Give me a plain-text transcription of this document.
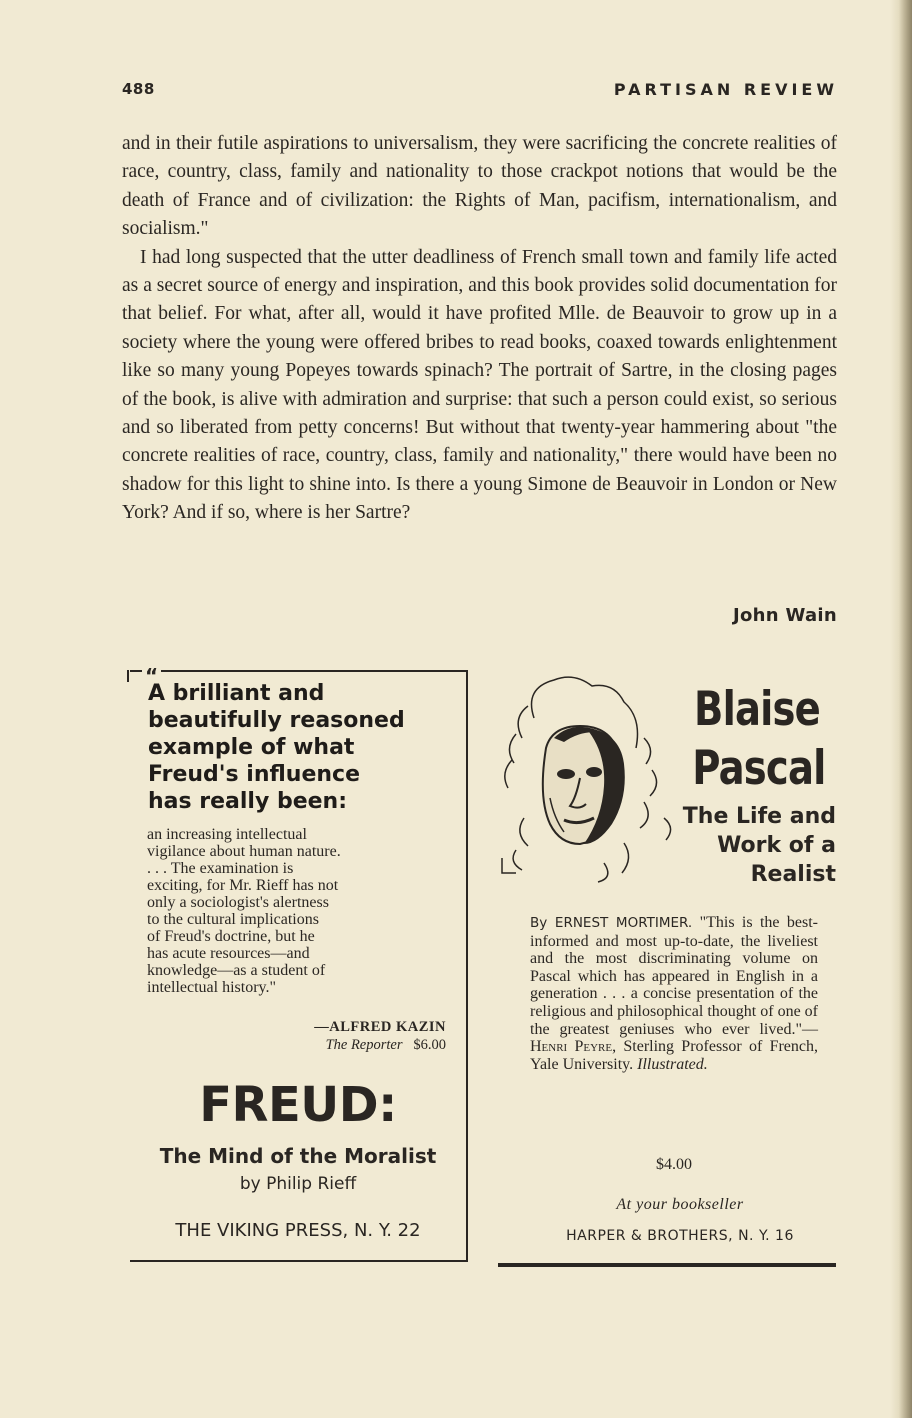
488	PARTISAN REVIEW

and in their futile aspirations to universalism, they were sacrificing the concrete realities of race, country, class, family and nationality to those crackpot notions that would be the death of France and of civilization: the Rights of Man, pacifism, internationalism, and socialism."

I had long suspected that the utter deadliness of French small town and family life acted as a secret source of energy and inspiration, and this book provides solid documentation for that belief. For what, after all, would it have profited Mlle. de Beauvoir to grow up in a society where the young were offered bribes to read books, coaxed towards enlightenment like so many young Popeyes towards spinach? The portrait of Sartre, in the closing pages of the book, is alive with admiration and surprise: that such a person could exist, so serious and so liberated from petty concerns! But without that twenty-year hammering about "the concrete realities of race, country, class, family and nationality," there would have been no shadow for this light to shine into. Is there a young Simone de Beauvoir in London or New York? And if so, where is her Sartre?

John Wain
“
A brilliant and
beautifully reasoned
example of what
Freud's influence
has really been:
an increasing intellectual
vigilance about human nature.
. . . The examination is
exciting, for Mr. Rieff has not
only a sociologist's alertness
to the cultural implications
of Freud's doctrine, but he
has acute resources—and
knowledge—as a student of
intellectual history."
—ALFRED KAZIN
The Reporter $6.00
FREUD:
The Mind of the Moralist
by Philip Rieff
THE VIKING PRESS, N. Y. 22
Blaise
Pascal
The Life and
Work of a
Realist
By ERNEST MORTIMER. "This is the best-informed and most up-to-date, the liveliest and the most discriminating volume on Pascal which has appeared in English in a generation . . . a concise presentation of the religious and philosophical thought of one of the greatest geniuses who ever lived."—Henri Peyre, Sterling Professor of French, Yale University. Illustrated.
$4.00
At your bookseller
HARPER & BROTHERS, N. Y. 16
